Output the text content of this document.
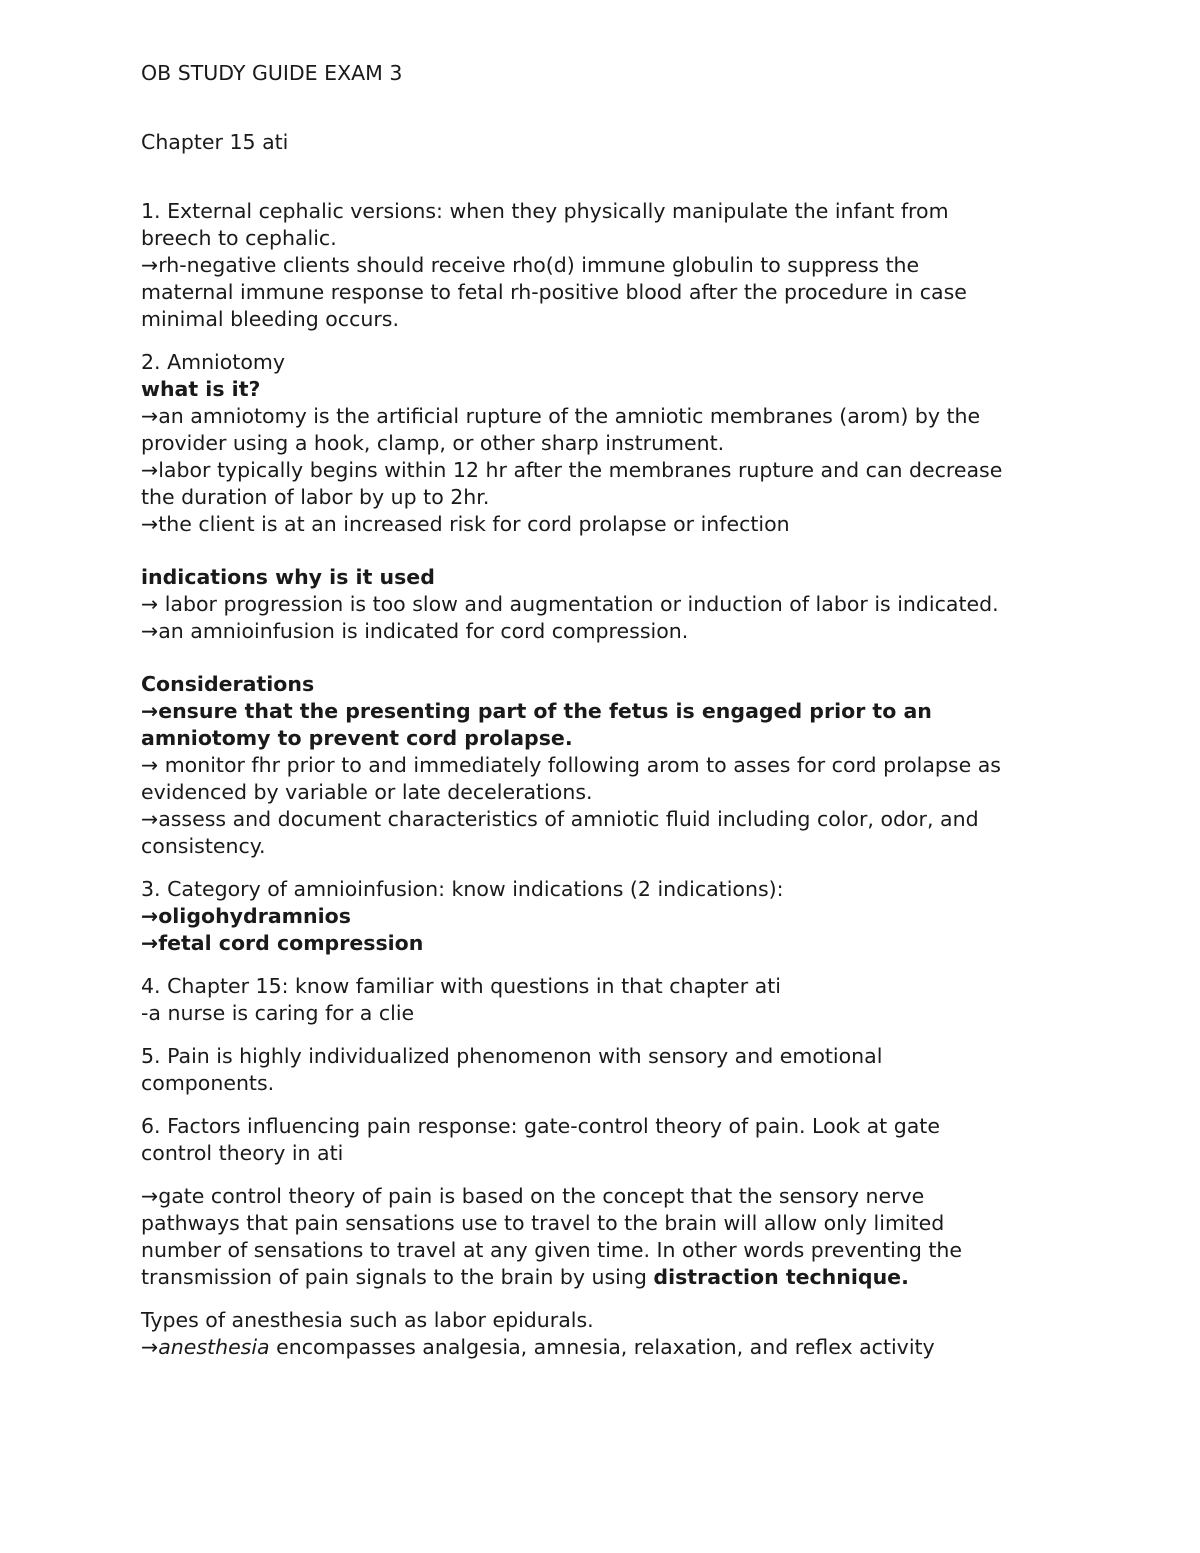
OB STUDY GUIDE EXAM 3
Chapter 15 ati
1. External cephalic versions: when they physically manipulate the infant from
breech to cephalic.
→rh-negative clients should receive rho(d) immune globulin to suppress the
maternal immune response to fetal rh-positive blood after the procedure in case
minimal bleeding occurs.
2. Amniotomy
what is it?
→an amniotomy is the artificial rupture of the amniotic membranes (arom) by the
provider using a hook, clamp, or other sharp instrument.
→labor typically begins within 12 hr after the membranes rupture and can decrease
the duration of labor by up to 2hr.
→the client is at an increased risk for cord prolapse or infection
indications why is it used
→ labor progression is too slow and augmentation or induction of labor is indicated.
→an amnioinfusion is indicated for cord compression.
Considerations
→ensure that the presenting part of the fetus is engaged prior to an
amniotomy to prevent cord prolapse.
→ monitor fhr prior to and immediately following arom to asses for cord prolapse as
evidenced by variable or late decelerations.
→assess and document characteristics of amniotic fluid including color, odor, and
consistency.
3. Category of amnioinfusion: know indications (2 indications):
→oligohydramnios
→fetal cord compression
4. Chapter 15: know familiar with questions in that chapter ati
-a nurse is caring for a clie
5. Pain is highly individualized phenomenon with sensory and emotional
components.
6. Factors influencing pain response: gate-control theory of pain. Look at gate
control theory in ati
→gate control theory of pain is based on the concept that the sensory nerve
pathways that pain sensations use to travel to the brain will allow only limited
number of sensations to travel at any given time. In other words preventing the
transmission of pain signals to the brain by using distraction technique.
Types of anesthesia such as labor epidurals.
→anesthesia encompasses analgesia, amnesia, relaxation, and reflex activity
